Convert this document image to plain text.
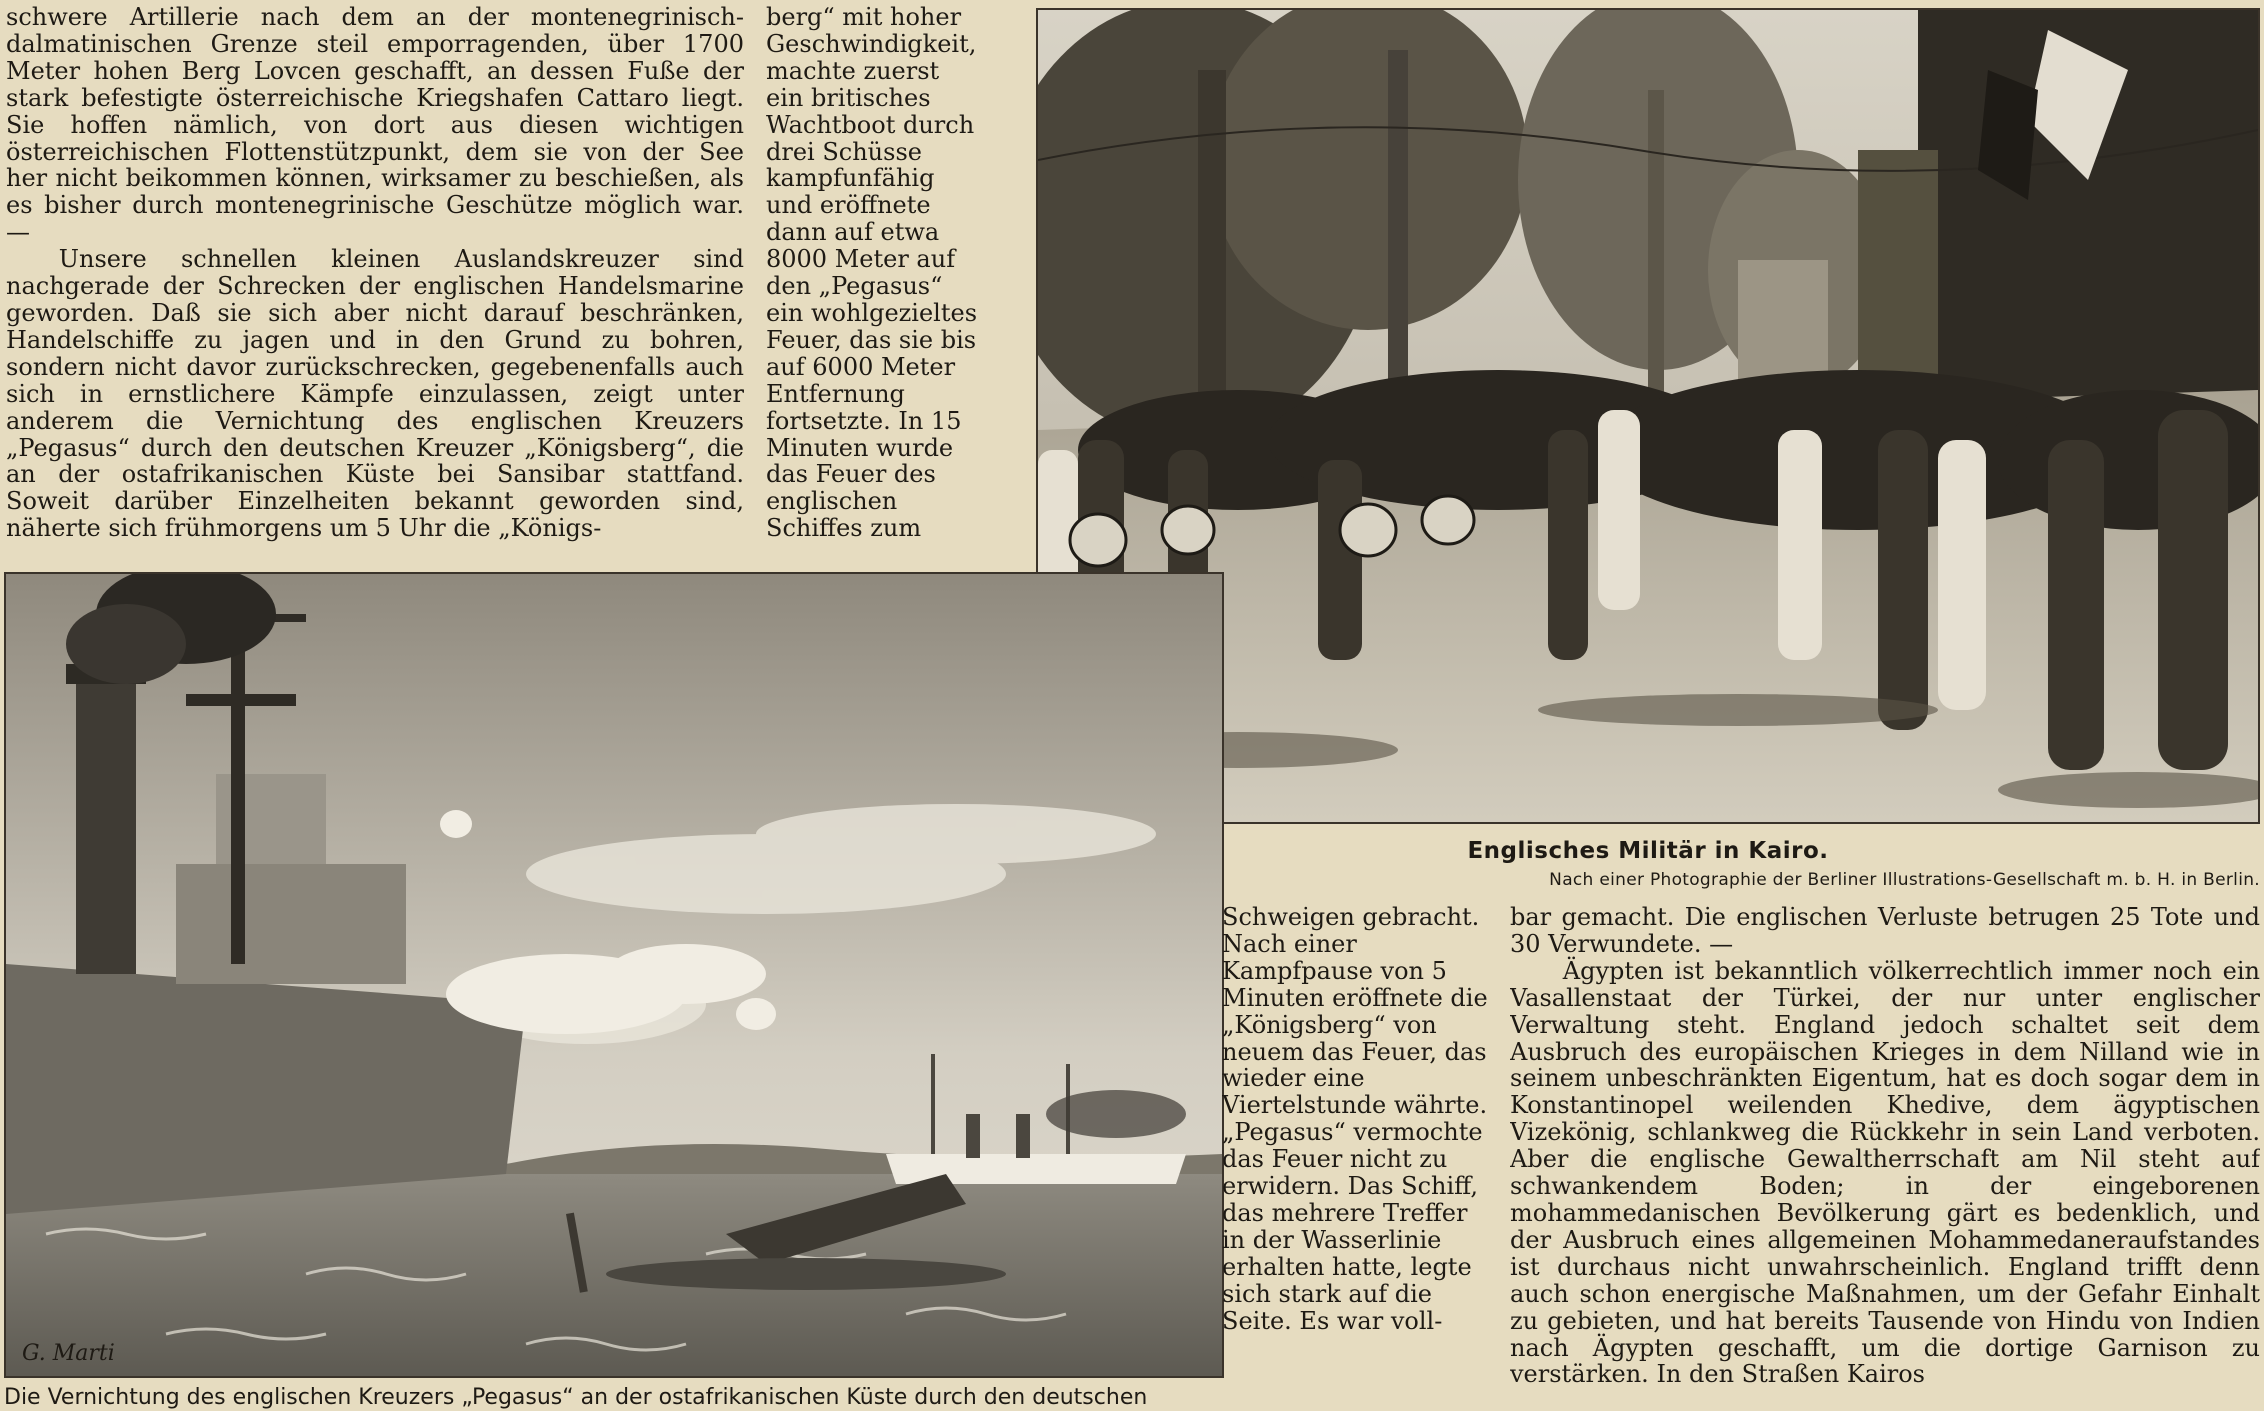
schwere Artillerie nach dem an der montenegrinisch-dalmatinischen Grenze steil emporragenden, über 1700 Meter hohen Berg Lovcen geschafft, an dessen Fuße der stark befestigte österreichische Kriegshafen Cattaro liegt. Sie hoffen nämlich, von dort aus diesen wichtigen österreichischen Flottenstützpunkt, dem sie von der See her nicht beikommen können, wirksamer zu beschießen, als es bisher durch montenegrinische Geschütze möglich war. —

Unsere schnellen kleinen Auslandskreuzer sind nachgerade der Schrecken der englischen Handelsmarine geworden. Daß sie sich aber nicht darauf beschränken, Handelschiffe zu jagen und in den Grund zu bohren, sondern nicht davor zurückschrecken, gegebenenfalls auch sich in ernstlichere Kämpfe einzulassen, zeigt unter anderem die Vernichtung des englischen Kreuzers „Pegasus“ durch den deutschen Kreuzer „Königsberg“, die an der ostafrikanischen Küste bei Sansibar stattfand. Soweit darüber Einzelheiten bekannt geworden sind, näherte sich frühmorgens um 5 Uhr die „Königs-

berg“ mit hoher Geschwindigkeit, machte zuerst ein britisches Wachtboot durch drei Schüsse kampfunfähig und eröffnete dann auf etwa 8000 Meter auf den „Pegasus“ ein wohlgezieltes Feuer, das sie bis auf 6000 Meter Entfernung fortsetzte. In 15 Minuten wurde das Feuer des englischen Schiffes zum

Englisches Militär in Kairo.
Nach einer Photographie der Berliner Illustrations-Gesellschaft m. b. H. in Berlin.
G. Marti

Schweigen gebracht. Nach einer Kampfpause von 5 Minuten eröffnete die „Königsberg“ von neuem das Feuer, das wieder eine Viertelstunde währte. „Pegasus“ vermochte das Feuer nicht zu erwidern. Das Schiff, das mehrere Treffer in der Wasserlinie erhalten hatte, legte sich stark auf die Seite. Es war voll-

bar gemacht. Die englischen Verluste betrugen 25 Tote und 30 Verwundete. —

Ägypten ist bekanntlich völkerrechtlich immer noch ein Vasallenstaat der Türkei, der nur unter englischer Verwaltung steht. England jedoch schaltet seit dem Ausbruch des europäischen Krieges in dem Nilland wie in seinem unbeschränkten Eigentum, hat es doch sogar dem in Konstantinopel weilenden Khedive, dem ägyptischen Vizekönig, schlankweg die Rückkehr in sein Land verboten. Aber die englische Gewaltherrschaft am Nil steht auf schwankendem Boden; in der eingeborenen mohammedanischen Bevölkerung gärt es bedenklich, und der Ausbruch eines allgemeinen Mohammedaneraufstandes ist durchaus nicht unwahrscheinlich. England trifft denn auch schon energische Maßnahmen, um der Gefahr Einhalt zu gebieten, und hat bereits Tausende von Hindu von Indien nach Ägypten geschafft, um die dortige Garnison zu verstärken. In den Straßen Kairos

Die Vernichtung des englischen Kreuzers „Pegasus“ an der ostafrikanischen Küste durch den deutschen
